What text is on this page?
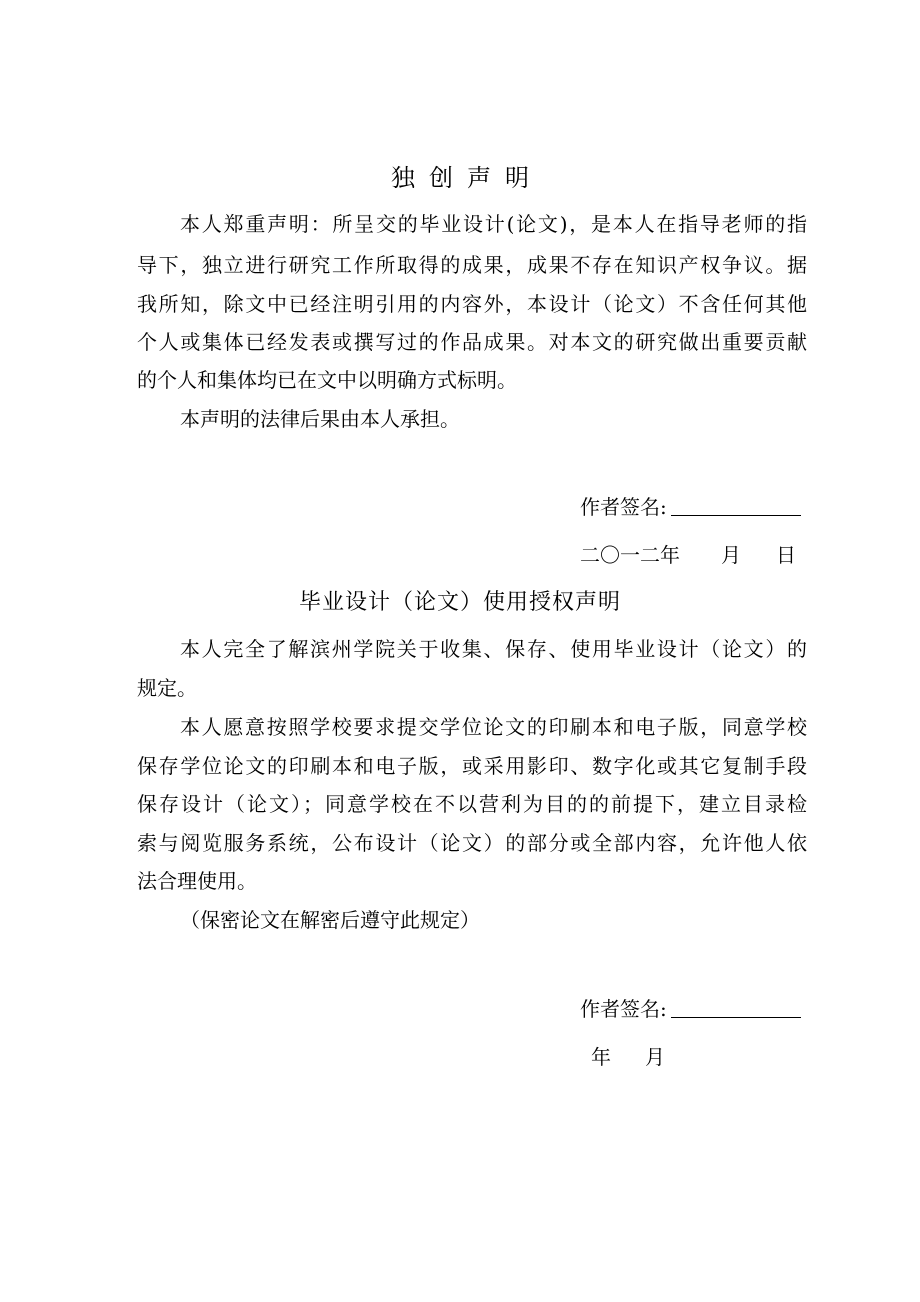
独创声明
本人郑重声明：所呈交的毕业设计(论文)，是本人在指导老师的指
导下，独立进行研究工作所取得的成果，成果不存在知识产权争议。据
我所知，除文中已经注明引用的内容外，本设计（论文）不含任何其他
个人或集体已经发表或撰写过的作品成果。对本文的研究做出重要贡献
的个人和集体均已在文中以明确方式标明。
本声明的法律后果由本人承担。
作者签名:
二〇一二年 月 日
毕业设计（论文）使用授权声明
本人完全了解滨州学院关于收集、保存、使用毕业设计（论文）的
规定。
本人愿意按照学校要求提交学位论文的印刷本和电子版，同意学校
保存学位论文的印刷本和电子版，或采用影印、数字化或其它复制手段
保存设计（论文）；同意学校在不以营利为目的的前提下，建立目录检
索与阅览服务系统，公布设计（论文）的部分或全部内容，允许他人依
法合理使用。
（保密论文在解密后遵守此规定）
作者签名:
年 月
